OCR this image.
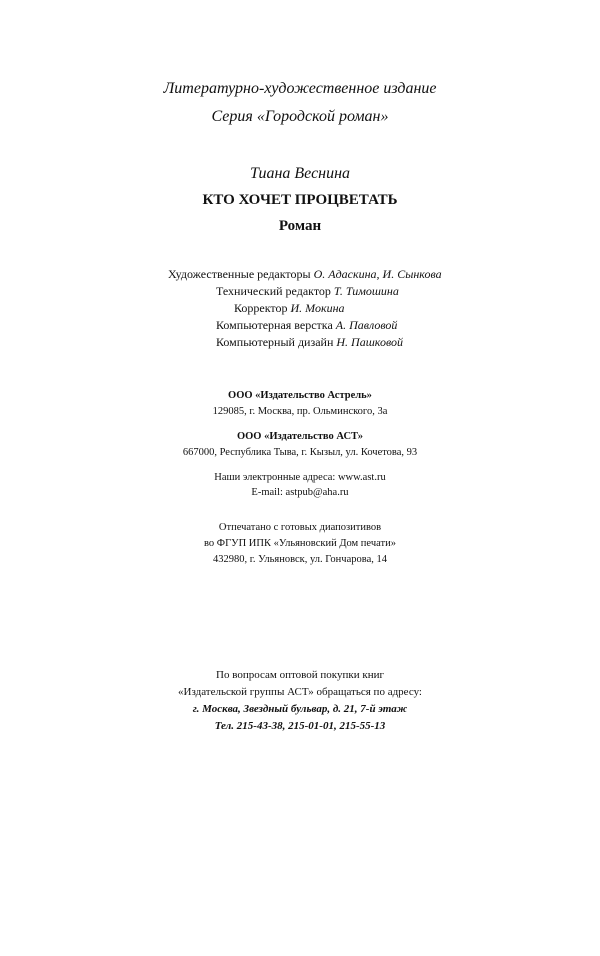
Литературно-художественное издание
Серия «Городской роман»
Тиана Веснина
КТО ХОЧЕТ ПРОЦВЕТАТЬ
Роман
Художественные редакторы О. Адаскина, И. Сынкова
Технический редактор Т. Тимошина
Корректор И. Мокина
Компьютерная верстка А. Павловой
Компьютерный дизайн Н. Пашковой
ООО «Издательство Астрель»
129085, г. Москва, пр. Ольминского, 3а
ООО «Издательство АСТ»
667000, Республика Тыва, г. Кызыл, ул. Кочетова, 93
Наши электронные адреса: www.ast.ru
E-mail: astpub@aha.ru
Отпечатано с готовых диапозитивов
во ФГУП ИПК «Ульяновский Дом печати»
432980, г. Ульяновск, ул. Гончарова, 14
По вопросам оптовой покупки книг
«Издательской группы АСТ» обращаться по адресу:
г. Москва, Звездный бульвар, д. 21, 7-й этаж
Тел. 215-43-38, 215-01-01, 215-55-13
